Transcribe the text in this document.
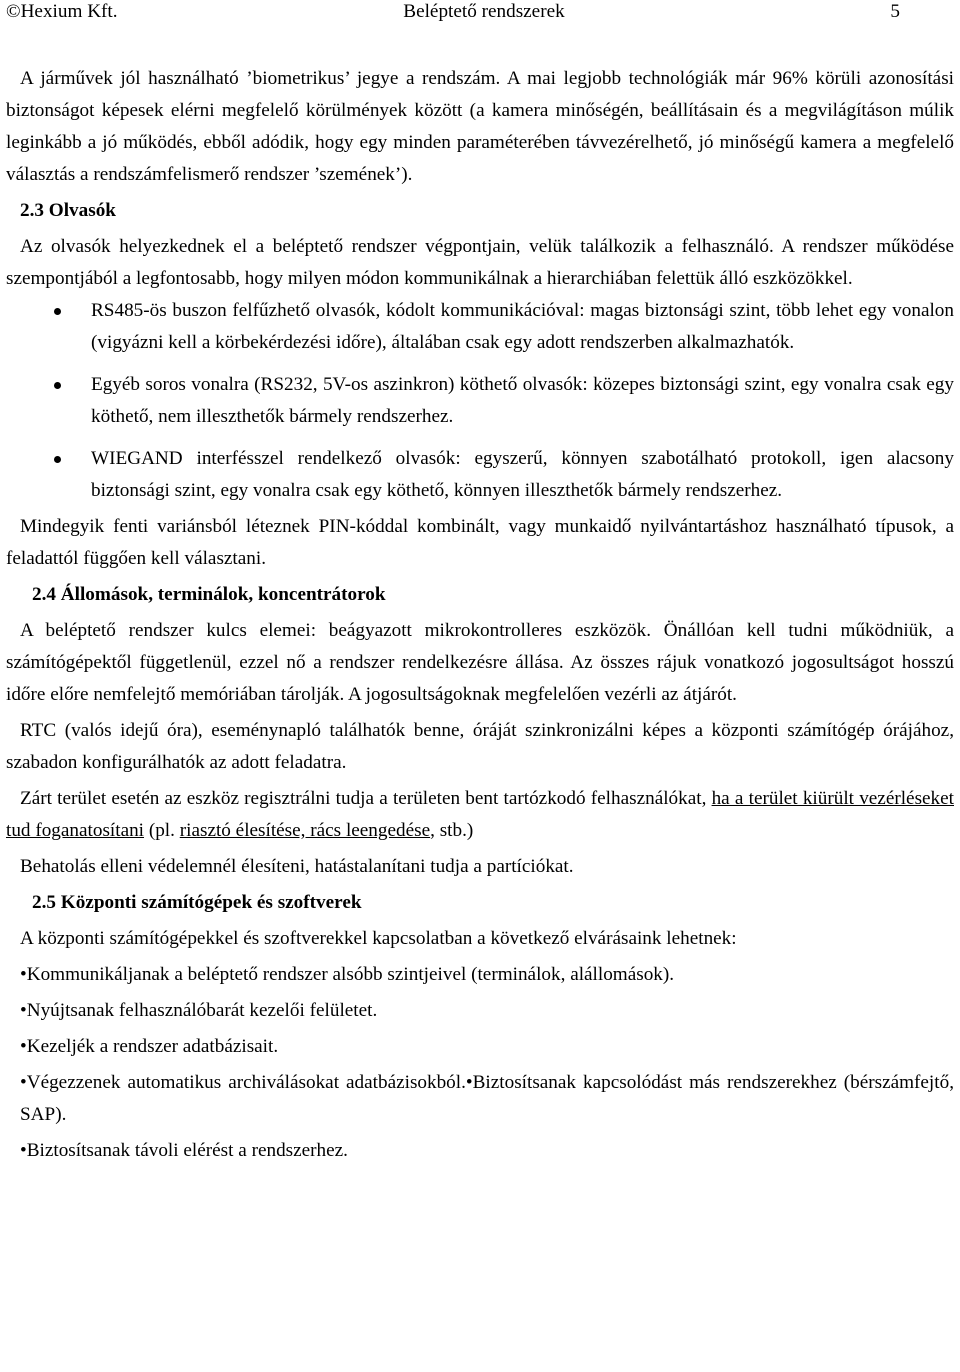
©Hexium Kft.	Beléptető rendszerek	5

A járművek jól használható ’biometrikus’ jegye a rendszám. A mai legjobb technológiák már 96% körüli azonosítási biztonságot képesek elérni megfelelő körülmények között (a kamera minőségén, beállításain és a megvilágításon múlik leginkább a jó működés, ebből adódik, hogy egy minden paraméterében távvezérelhető, jó minőségű kamera a megfelelő választás a rendszámfelismerő rendszer ’szemének’).

2.3 Olvasók

Az olvasók helyezkednek el a beléptető rendszer végpontjain, velük találkozik a felhasználó. A rendszer működése szempontjából a legfontosabb, hogy milyen módon kommunikálnak a hierarchiában felettük álló eszközökkel.

RS485-ös buszon felfűzhető olvasók, kódolt kommunikációval: magas biztonsági szint, több lehet egy vonalon (vigyázni kell a körbekérdezési időre), általában csak egy adott rendszerben alkalmazhatók.
Egyéb soros vonalra (RS232, 5V-os aszinkron) köthető olvasók: közepes biztonsági szint, egy vonalra csak egy köthető, nem illeszthetők bármely rendszerhez.
WIEGAND interfésszel rendelkező olvasók: egyszerű, könnyen szabotálható protokoll, igen alacsony biztonsági szint, egy vonalra csak egy köthető, könnyen illeszthetők bármely rendszerhez.

Mindegyik fenti variánsból léteznek PIN-kóddal kombinált, vagy munkaidő nyilvántartáshoz használható típusok, a feladattól függően kell választani.

2.4 Állomások, terminálok, koncentrátorok

A beléptető rendszer kulcs elemei: beágyazott mikrokontrolleres eszközök. Önállóan kell tudni működniük, a számítógépektől függetlenül, ezzel nő a rendszer rendelkezésre állása. Az összes rájuk vonatkozó jogosultságot hosszú időre előre nemfelejtő memóriában tárolják. A jogosultságoknak megfelelően vezérli az átjárót.

RTC (valós idejű óra), eseménynapló találhatók benne, óráját szinkronizálni képes a központi számítógép órájához, szabadon konfigurálhatók az adott feladatra.

Zárt terület esetén az eszköz regisztrálni tudja a területen bent tartózkodó felhasználókat, ha a terület kiürült vezérléseket tud foganatosítani (pl. riasztó élesítése, rács leengedése, stb.)

Behatolás elleni védelemnél élesíteni, hatástalanítani tudja a partíciókat.

2.5 Központi számítógépek és szoftverek

A központi számítógépekkel és szoftverekkel kapcsolatban a következő elvárásaink lehetnek:

•Kommunikáljanak a beléptető rendszer alsóbb szintjeivel (terminálok, alállomások).

•Nyújtsanak felhasználóbarát kezelői felületet.

•Kezeljék a rendszer adatbázisait.

•Végezzenek automatikus archiválásokat adatbázisokból.•Biztosítsanak kapcsolódást más rendszerekhez (bérszámfejtő, SAP).

•Biztosítsanak távoli elérést a rendszerhez.
